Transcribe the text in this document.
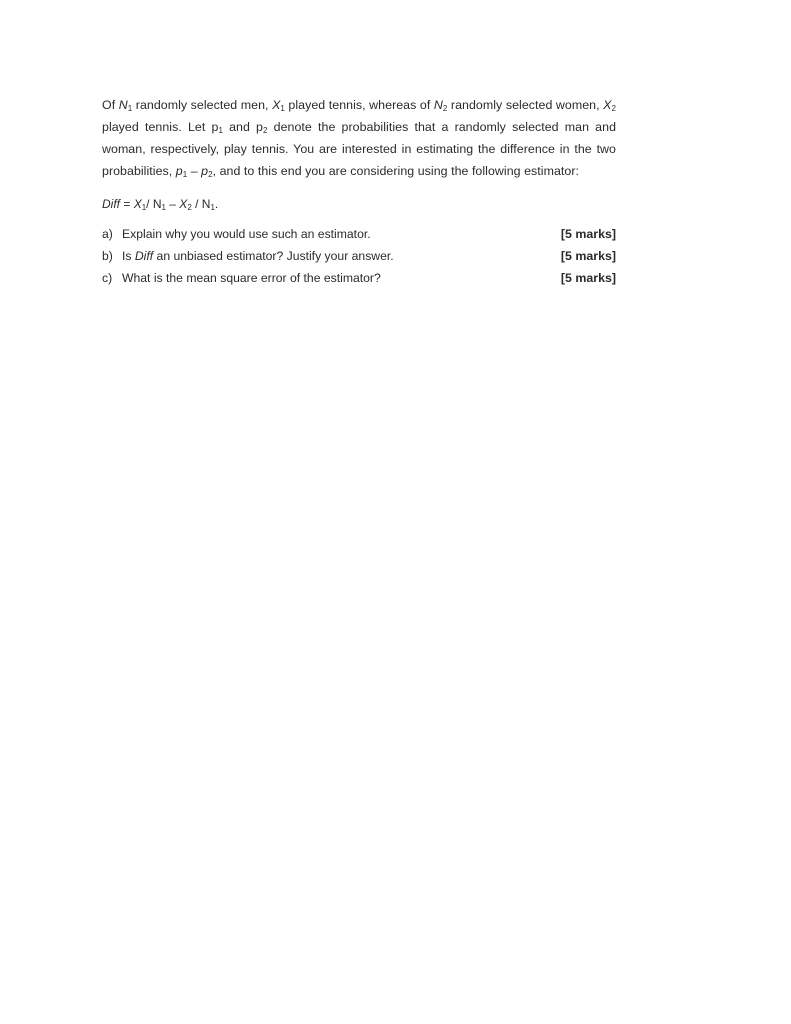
Of $N_1$ randomly selected men, $X_1$ played tennis, whereas of $N_2$ randomly selected women, $X_2$ played tennis. Let $p_1$ and $p_2$ denote the probabilities that a randomly selected man and woman, respectively, play tennis. You are interested in estimating the difference in the two probabilities, $p_1 - p_2$, and to this end you are considering using the following estimator:

Diff = $X_1/$ $N_1 - X_2 / N_1$.
a) Explain why you would use such an estimator.	[5 marks]
b) Is Diff an unbiased estimator? Justify your answer.	[5 marks]
c) What is the mean square error of the estimator?	[5 marks]
